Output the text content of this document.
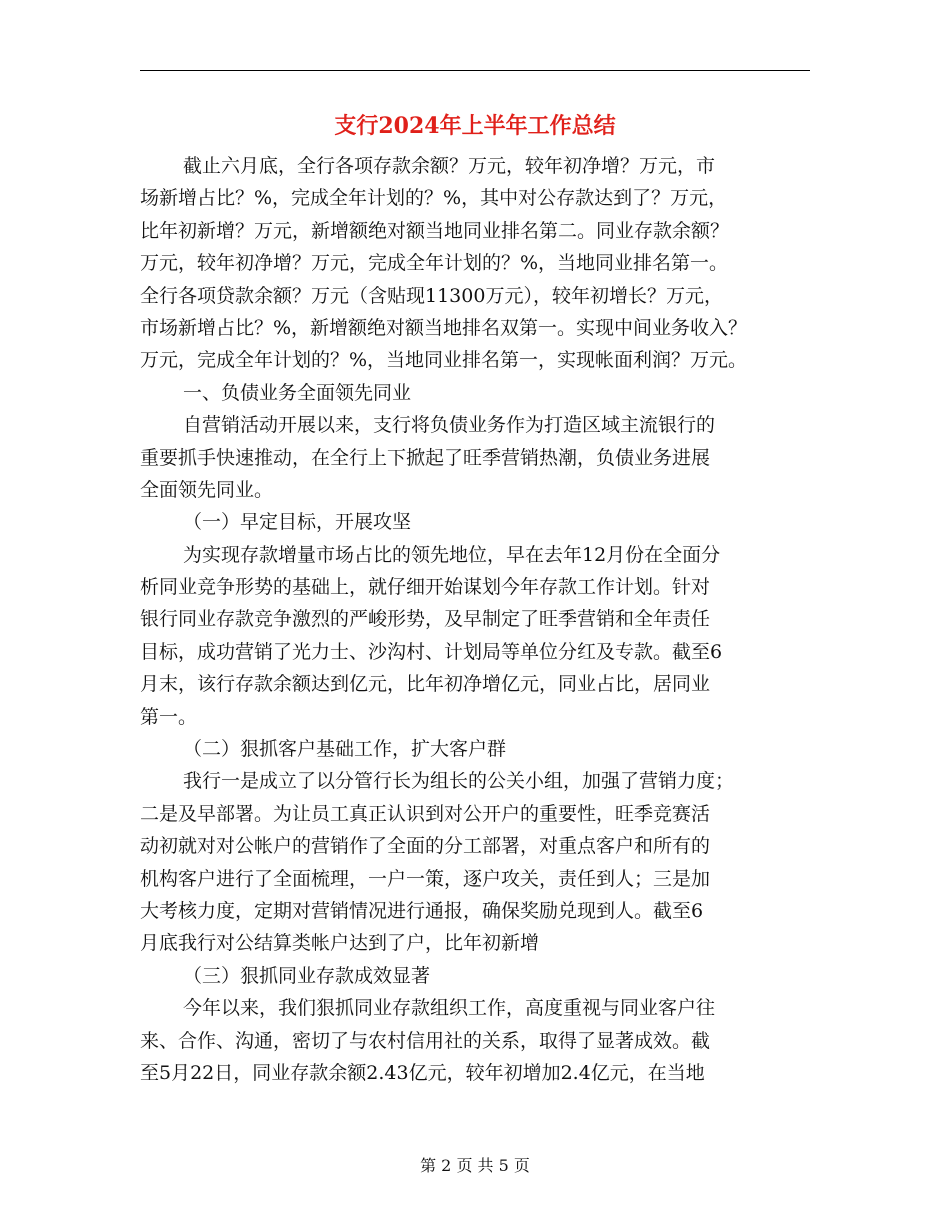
支行2024年上半年工作总结
截止六月底，全行各项存款余额？万元，较年初净增？万元，市
场新增占比？%，完成全年计划的？%，其中对公存款达到了？万元，
比年初新增？万元，新增额绝对额当地同业排名第二。同业存款余额？
万元，较年初净增？万元，完成全年计划的？%，当地同业排名第一。
全行各项贷款余额？万元（含贴现11300万元），较年初增长？万元，
市场新增占比？%，新增额绝对额当地排名双第一。实现中间业务收入？
万元，完成全年计划的？%，当地同业排名第一，实现帐面利润？万元。
一、负债业务全面领先同业
自营销活动开展以来，支行将负债业务作为打造区域主流银行的
重要抓手快速推动，在全行上下掀起了旺季营销热潮，负债业务进展
全面领先同业。
（一）早定目标，开展攻坚
为实现存款增量市场占比的领先地位，早在去年12月份在全面分
析同业竞争形势的基础上，就仔细开始谋划今年存款工作计划。针对
银行同业存款竞争激烈的严峻形势，及早制定了旺季营销和全年责任
目标，成功营销了光力士、沙沟村、计划局等单位分红及专款。截至6
月末，该行存款余额达到亿元，比年初净增亿元，同业占比，居同业
第一。
（二）狠抓客户基础工作，扩大客户群
我行一是成立了以分管行长为组长的公关小组，加强了营销力度；
二是及早部署。为让员工真正认识到对公开户的重要性，旺季竞赛活
动初就对对公帐户的营销作了全面的分工部署，对重点客户和所有的
机构客户进行了全面梳理，一户一策，逐户攻关，责任到人；三是加
大考核力度，定期对营销情况进行通报，确保奖励兑现到人。截至6
月底我行对公结算类帐户达到了户，比年初新增
（三）狠抓同业存款成效显著
今年以来，我们狠抓同业存款组织工作，高度重视与同业客户往
来、合作、沟通，密切了与农村信用社的关系，取得了显著成效。截
至5月22日，同业存款余额2.43亿元，较年初增加2.4亿元，在当地
第 2 页 共 5 页
